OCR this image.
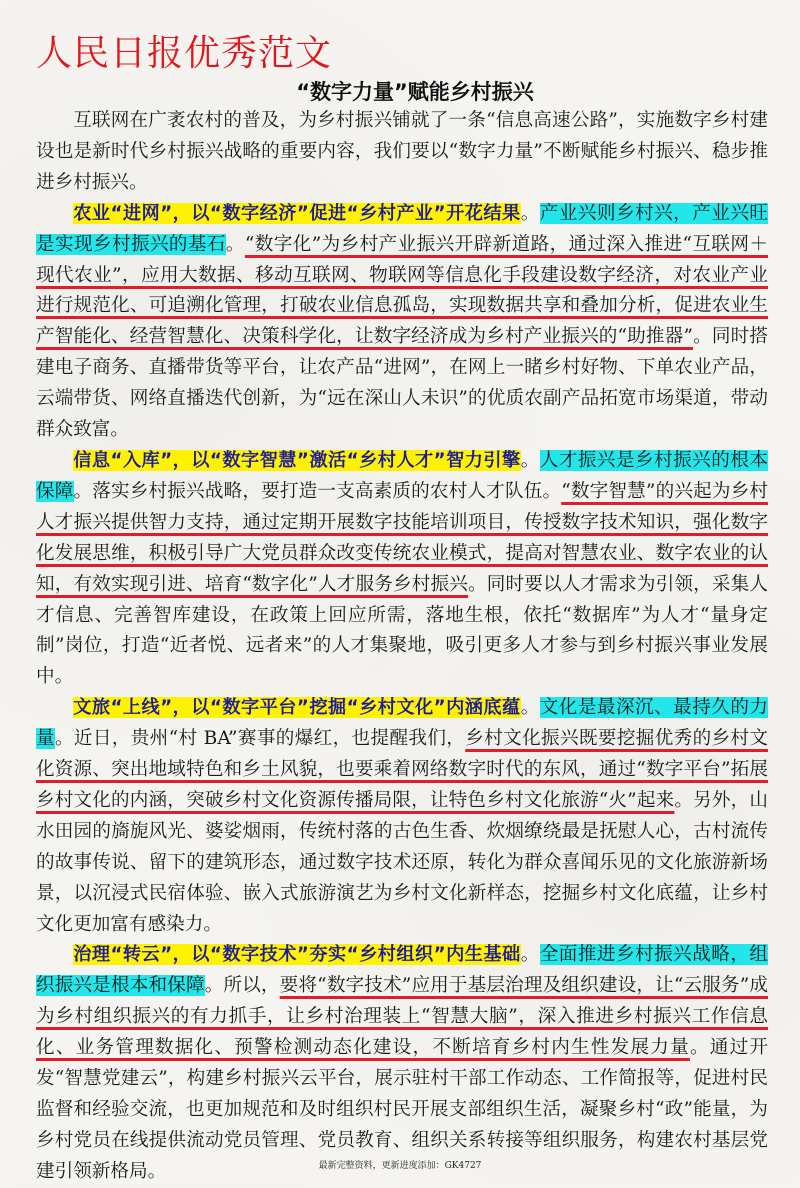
人民日报优秀范文
“数字力量”赋能乡村振兴

互联网在广袤农村的普及，为乡村振兴铺就了一条“信息高速公路”，实施数字乡村建设也是新时代乡村振兴战略的重要内容，我们要以“数字力量”不断赋能乡村振兴、稳步推进乡村振兴。

农业“进网”，以“数字经济”促进“乡村产业”开花结果。产业兴则乡村兴，产业兴旺是实现乡村振兴的基石。“数字化”为乡村产业振兴开辟新道路，通过深入推进“互联网＋现代农业”，应用大数据、移动互联网、物联网等信息化手段建设数字经济，对农业产业进行规范化、可追溯化管理，打破农业信息孤岛，实现数据共享和叠加分析，促进农业生产智能化、经营智慧化、决策科学化，让数字经济成为乡村产业振兴的“助推器”。同时搭建电子商务、直播带货等平台，让农产品“进网”，在网上一睹乡村好物、下单农业产品，云端带货、网络直播迭代创新，为“远在深山人未识”的优质农副产品拓宽市场渠道，带动群众致富。

信息“入库”，以“数字智慧”激活“乡村人才”智力引擎。人才振兴是乡村振兴的根本保障。落实乡村振兴战略，要打造一支高素质的农村人才队伍。“数字智慧”的兴起为乡村人才振兴提供智力支持，通过定期开展数字技能培训项目，传授数字技术知识，强化数字化发展思维，积极引导广大党员群众改变传统农业模式，提高对智慧农业、数字农业的认知，有效实现引进、培育“数字化”人才服务乡村振兴。同时要以人才需求为引领，采集人才信息、完善智库建设，在政策上回应所需，落地生根，依托“数据库”为人才“量身定制”岗位，打造“近者悦、远者来”的人才集聚地，吸引更多人才参与到乡村振兴事业发展中。

文旅“上线”，以“数字平台”挖掘“乡村文化”内涵底蕴。文化是最深沉、最持久的力量。近日，贵州“村 BA”赛事的爆红，也提醒我们，乡村文化振兴既要挖掘优秀的乡村文化资源、突出地域特色和乡土风貌，也要乘着网络数字时代的东风，通过“数字平台”拓展乡村文化的内涵，突破乡村文化资源传播局限，让特色乡村文化旅游“火”起来。另外，山水田园的旖旎风光、婆娑烟雨，传统村落的古色生香、炊烟缭绕最是抚慰人心，古村流传的故事传说、留下的建筑形态，通过数字技术还原，转化为群众喜闻乐见的文化旅游新场景，以沉浸式民宿体验、嵌入式旅游演艺为乡村文化新样态，挖掘乡村文化底蕴，让乡村文化更加富有感染力。

治理“转云”，以“数字技术”夯实“乡村组织”内生基础。全面推进乡村振兴战略，组织振兴是根本和保障。所以，要将“数字技术”应用于基层治理及组织建设，让“云服务”成为乡村组织振兴的有力抓手，让乡村治理装上“智慧大脑”，深入推进乡村振兴工作信息化、业务管理数据化、预警检测动态化建设，不断培育乡村内生性发展力量。通过开发“智慧党建云”，构建乡村振兴云平台，展示驻村干部工作动态、工作简报等，促进村民监督和经验交流，也更加规范和及时组织村民开展支部组织生活，凝聚乡村“政”能量，为乡村党员在线提供流动党员管理、党员教育、组织关系转接等组织服务，构建农村基层党建引领新格局。	最新完整资料，更新进度添加：GK4727
